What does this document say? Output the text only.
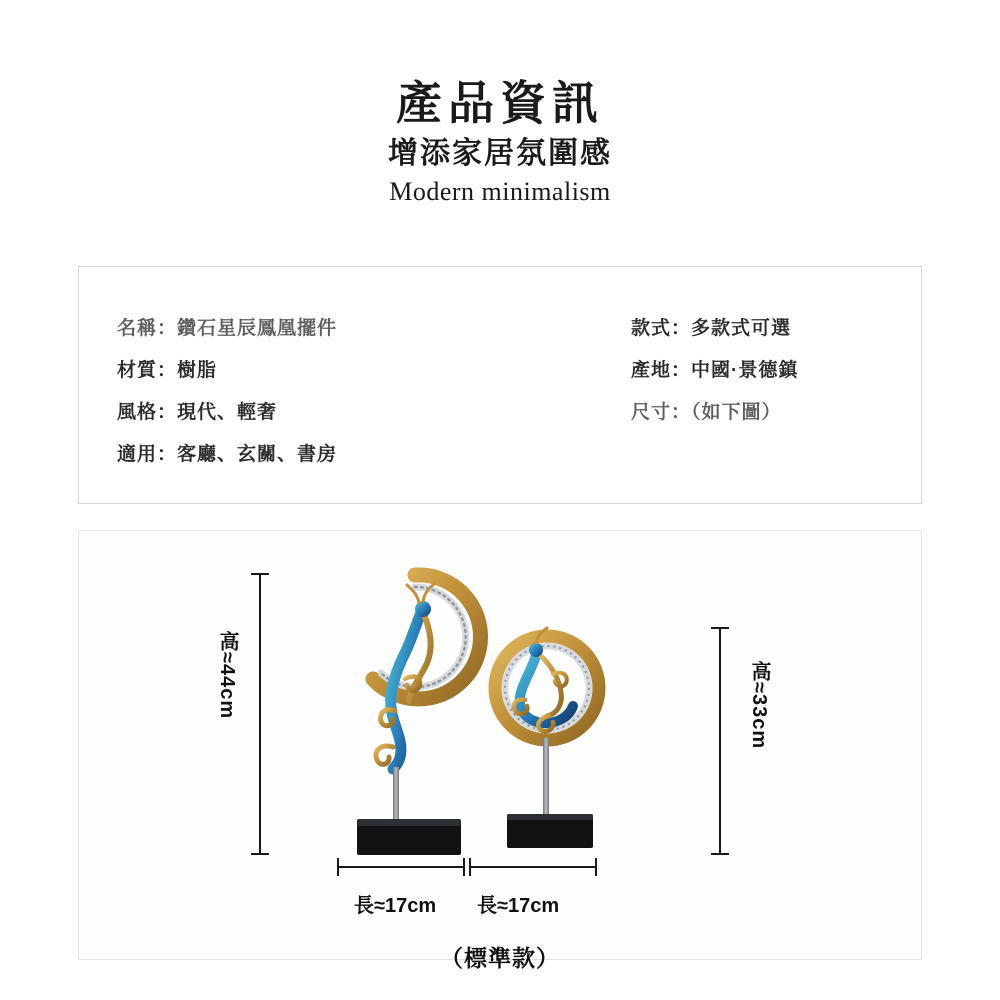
產品資訊
增添家居氛圍感
Modern minimalism
名稱：鑽石星辰鳳凰擺件
材質：樹脂
風格：現代、輕奢
適用：客廳、玄關、書房
款式：多款式可選
產地：中國·景德鎮
尺寸：（如下圖）
高≈44cm	高≈33cm
長≈17cm 長≈17cm
（標準款）
